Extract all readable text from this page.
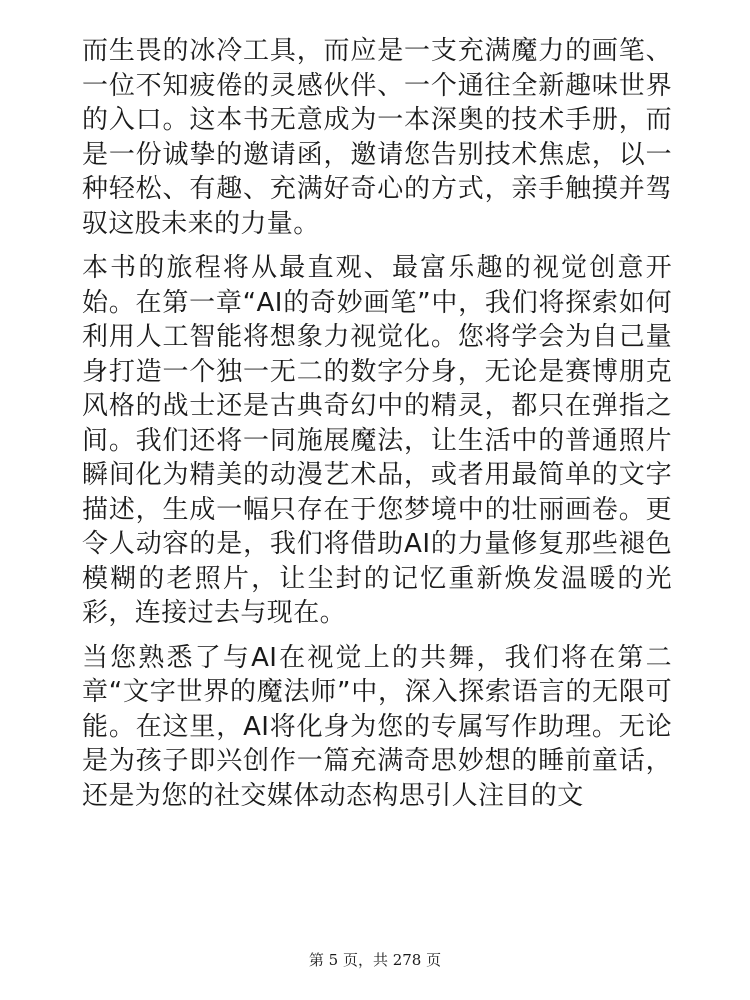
而生畏的冰冷工具，而应是一支充满魔力的画笔、一位不知疲倦的灵感伙伴、一个通往全新趣味世界的入口。这本书无意成为一本深奥的技术手册，而是一份诚挚的邀请函，邀请您告别技术焦虑，以一种轻松、有趣、充满好奇心的方式，亲手触摸并驾驭这股未来的力量。

本书的旅程将从最直观、最富乐趣的视觉创意开始。在第一章“AI的奇妙画笔”中，我们将探索如何利用人工智能将想象力视觉化。您将学会为自己量身打造一个独一无二的数字分身，无论是赛博朋克风格的战士还是古典奇幻中的精灵，都只在弹指之间。我们还将一同施展魔法，让生活中的普通照片瞬间化为精美的动漫艺术品，或者用最简单的文字描述，生成一幅只存在于您梦境中的壮丽画卷。更令人动容的是，我们将借助AI的力量修复那些褪色模糊的老照片，让尘封的记忆重新焕发温暖的光彩，连接过去与现在。

当您熟悉了与AI在视觉上的共舞，我们将在第二章“文字世界的魔法师”中，深入探索语言的无限可能。在这里，AI将化身为您的专属写作助理。无论是为孩子即兴创作一篇充满奇思妙想的睡前童话，还是为您的社交媒体动态构思引人注目的文

第 5 页，共 278 页
